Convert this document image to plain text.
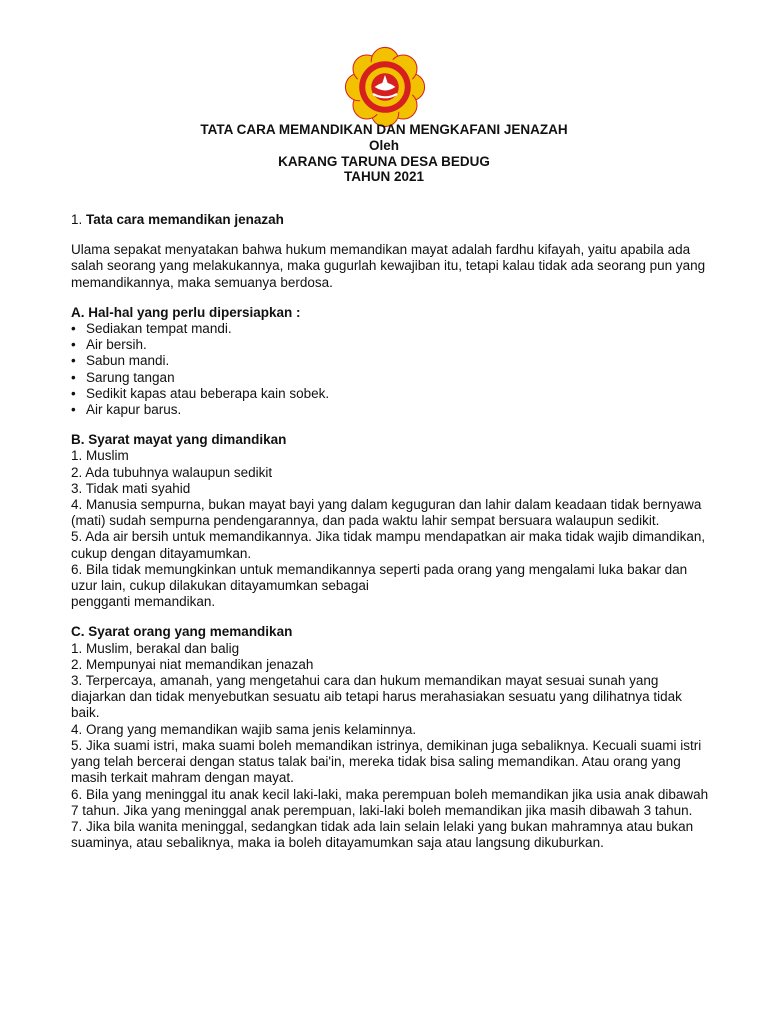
TATA CARA MEMANDIKAN DAN MENGKAFANI JENAZAH
Oleh
KARANG TARUNA DESA BEDUG
TAHUN 2021
1. Tata cara memandikan jenazah

Ulama sepakat menyatakan bahwa hukum memandikan mayat adalah fardhu kifayah, yaitu apabila ada salah seorang yang melakukannya, maka gugurlah kewajiban itu, tetapi kalau tidak ada seorang pun yang memandikannya, maka semuanya berdosa.

A. Hal-hal yang perlu dipersiapkan :
• Sediakan tempat mandi.
• Air bersih.
• Sabun mandi.
• Sarung tangan
• Sedikit kapas atau beberapa kain sobek.
• Air kapur barus.
B. Syarat mayat yang dimandikan
1. Muslim
2. Ada tubuhnya walaupun sedikit
3. Tidak mati syahid
4. Manusia sempurna, bukan mayat bayi yang dalam keguguran dan lahir dalam keadaan tidak bernyawa (mati) sudah sempurna pendengarannya, dan pada waktu lahir sempat bersuara walaupun sedikit.
5. Ada air bersih untuk memandikannya. Jika tidak mampu mendapatkan air maka tidak wajib dimandikan, cukup dengan ditayamumkan.
6. Bila tidak memungkinkan untuk memandikannya seperti pada orang yang mengalami luka bakar dan uzur lain, cukup dilakukan ditayamumkan sebagai
pengganti memandikan.
C. Syarat orang yang memandikan
1. Muslim, berakal dan balig
2. Mempunyai niat memandikan jenazah
3. Terpercaya, amanah, yang mengetahui cara dan hukum memandikan mayat sesuai sunah yang diajarkan dan tidak menyebutkan sesuatu aib tetapi harus merahasiakan sesuatu yang dilihatnya tidak baik.
4. Orang yang memandikan wajib sama jenis kelaminnya.
5. Jika suami istri, maka suami boleh memandikan istrinya, demikinan juga sebaliknya. Kecuali suami istri yang telah bercerai dengan status talak bai'in, mereka tidak bisa saling memandikan. Atau orang yang masih terkait mahram dengan mayat.
6. Bila yang meninggal itu anak kecil laki-laki, maka perempuan boleh memandikan jika usia anak dibawah 7 tahun. Jika yang meninggal anak perempuan, laki-laki boleh memandikan jika masih dibawah 3 tahun.
7. Jika bila wanita meninggal, sedangkan tidak ada lain selain lelaki yang bukan mahramnya atau bukan suaminya, atau sebaliknya, maka ia boleh ditayamumkan saja atau langsung dikuburkan.
